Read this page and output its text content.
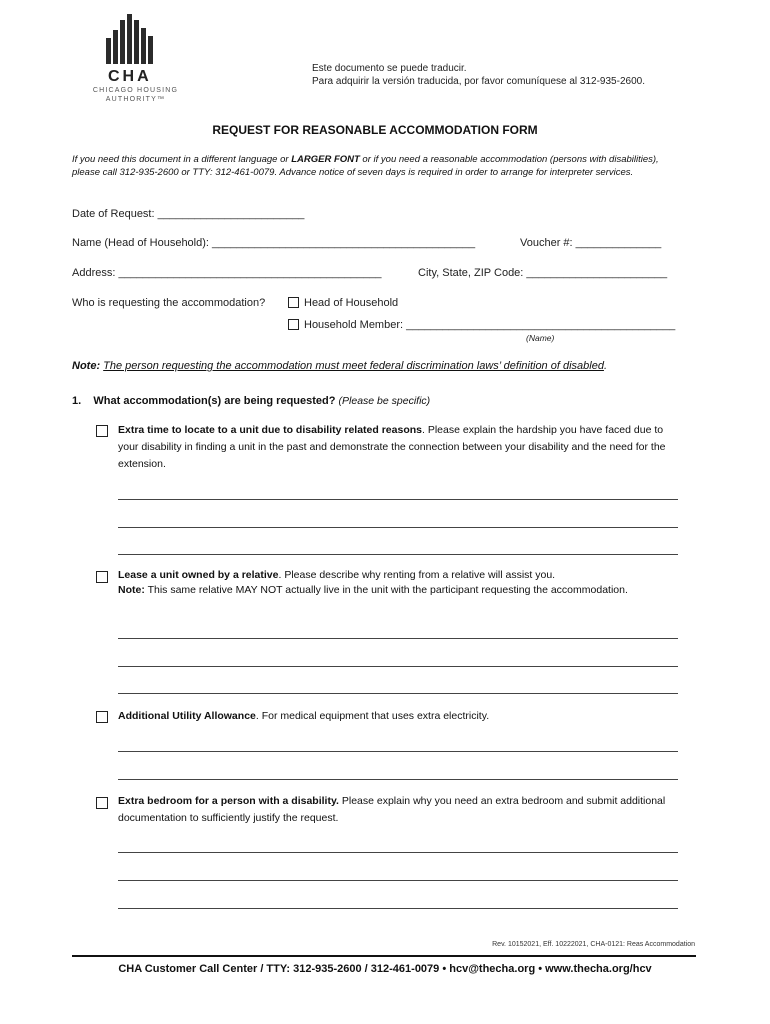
CHA
CHICAGO HOUSING
AUTHORITY™
Este documento se puede traducir.
Para adquirir la versión traducida, por favor comuníquese al 312-935-2600.
REQUEST FOR REASONABLE ACCOMMODATION FORM
If you need this document in a different language or LARGER FONT or if you need a reasonable accommodation (persons with disabilities), please call 312-935-2600 or TTY: 312-461-0079. Advance notice of seven days is required in order to arrange for interpreter services.
Date of Request: ________________________
Name (Head of Household): ___________________________________________	Voucher #: ______________
Address: ___________________________________________	City, State, ZIP Code: _______________________
Who is requesting the accommodation?	Head of Household
Household Member: ____________________________________________
(Name)
Note: The person requesting the accommodation must meet federal discrimination laws’ definition of disabled.
1. What accommodation(s) are being requested? (Please be specific)
Extra time to locate to a unit due to disability related reasons. Please explain the hardship you have faced due to your disability in finding a unit in the past and demonstrate the connection between your disability and the need for the extension.
Lease a unit owned by a relative. Please describe why renting from a relative will assist you.
Note: This same relative MAY NOT actually live in the unit with the participant requesting the accommodation.
Additional Utility Allowance. For medical equipment that uses extra electricity.
Extra bedroom for a person with a disability. Please explain why you need an extra bedroom and submit additional documentation to sufficiently justify the request.
Rev. 10152021, Eff. 10222021, CHA-0121: Reas Accommodation
CHA Customer Call Center / TTY: 312-935-2600 / 312-461-0079 • hcv@thecha.org • www.thecha.org/hcv
